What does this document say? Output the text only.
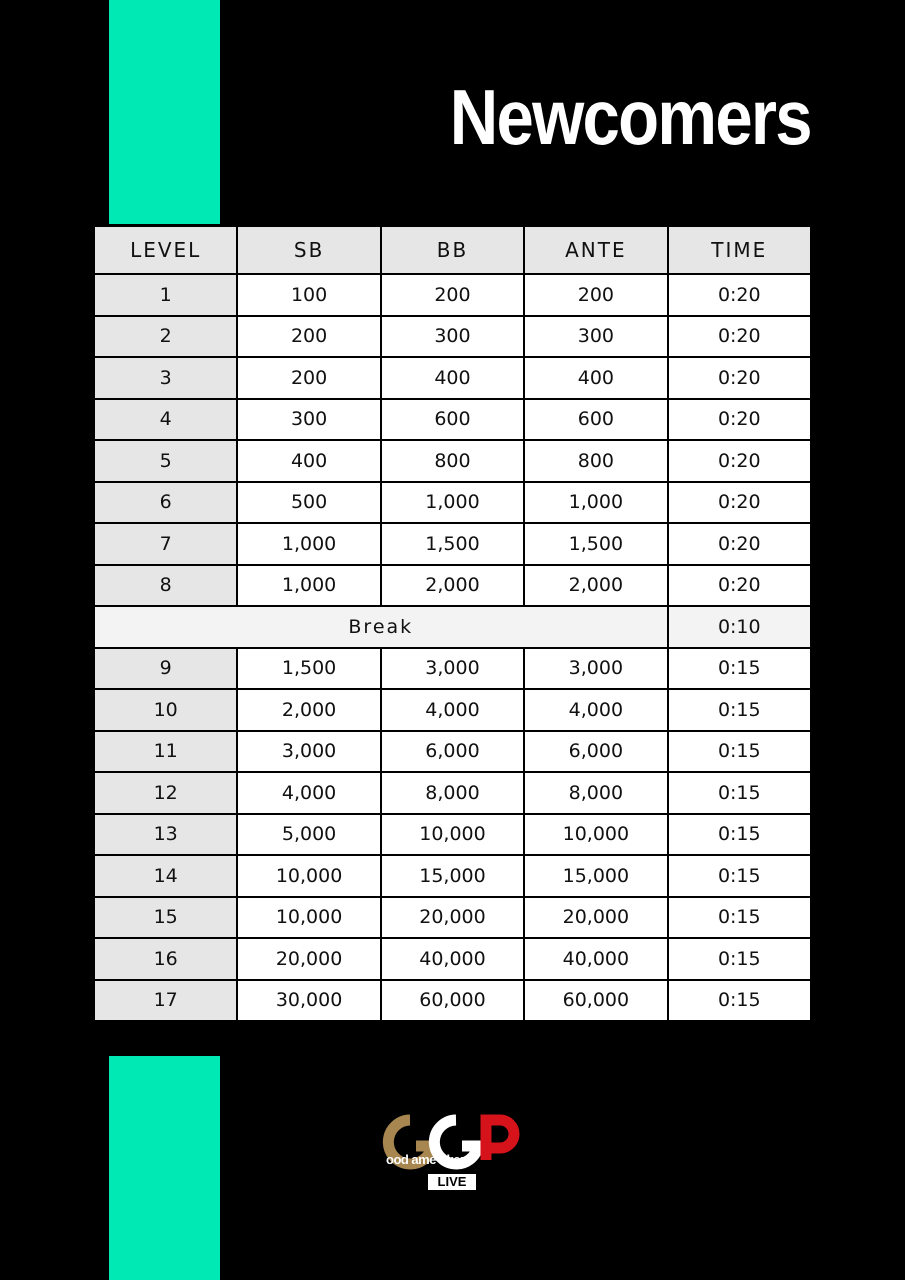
Newcomers
LEVEL	SB	BB	ANTE	TIME
1	100	200	200	0:20
2	200	300	300	0:20
3	200	400	400	0:20
4	300	600	600	0:20
5	400	800	800	0:20
6	500	1,000	1,000	0:20
7	1,000	1,500	1,500	0:20
8	1,000	2,000	2,000	0:20
Break				0:10
9	1,500	3,000	3,000	0:15
10	2,000	4,000	4,000	0:15
11	3,000	6,000	6,000	0:15
12	4,000	8,000	8,000	0:15
13	5,000	10,000	10,000	0:15
14	10,000	15,000	15,000	0:15
15	10,000	20,000	20,000	0:15
16	20,000	40,000	40,000	0:15
17	30,000	60,000	60,000	0:15
ood ame oker
LIVE
